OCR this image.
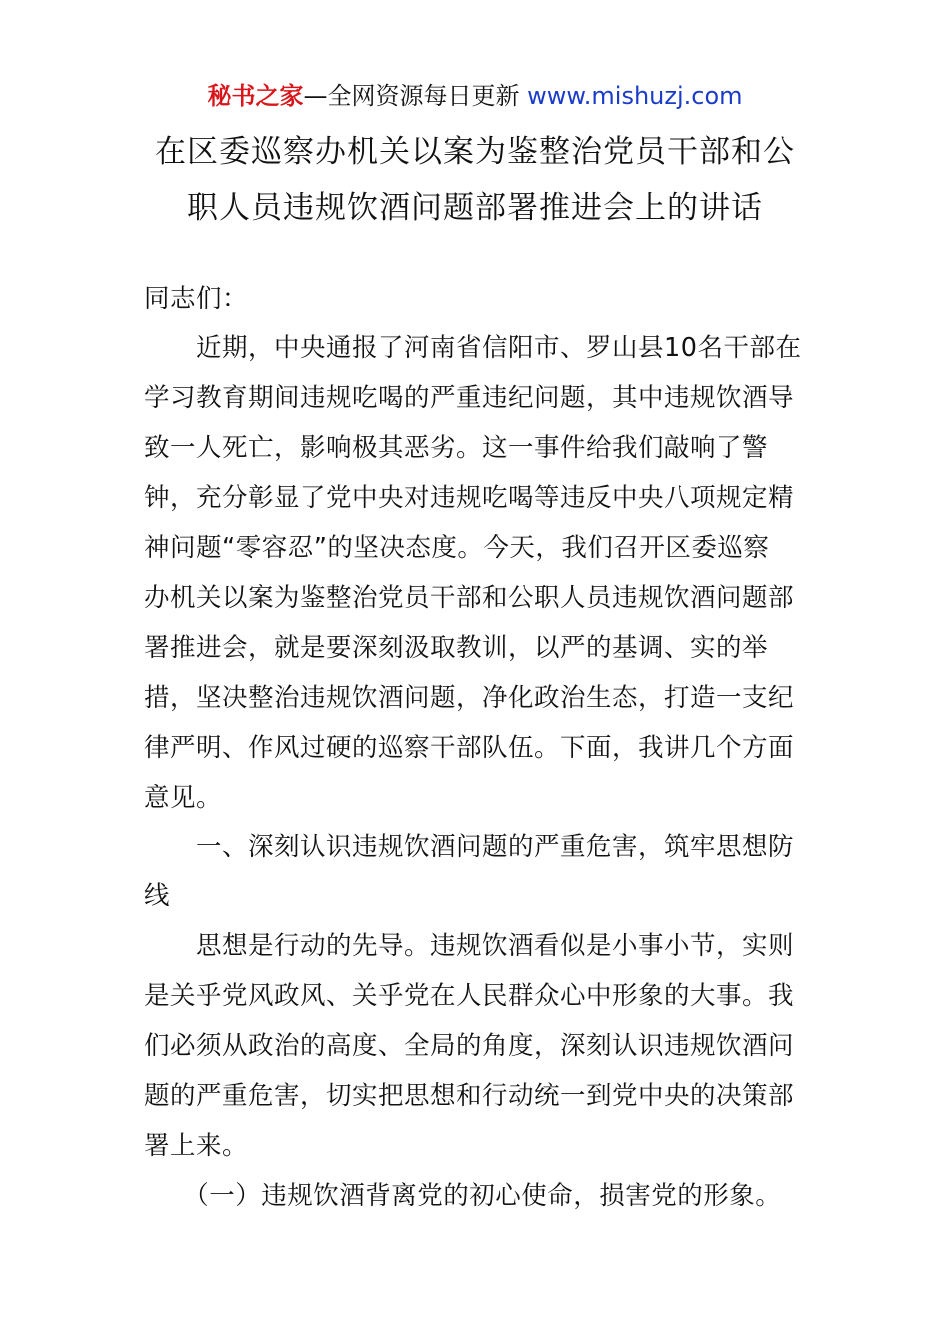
秘书之家—全网资源每日更新 www.mishuzj.com
在区委巡察办机关以案为鉴整治党员干部和公
职人员违规饮酒问题部署推进会上的讲话
同志们：
　　近期，中央通报了河南省信阳市、罗山县10名干部在
学习教育期间违规吃喝的严重违纪问题，其中违规饮酒导
致一人死亡，影响极其恶劣。这一事件给我们敲响了警
钟，充分彰显了党中央对违规吃喝等违反中央八项规定精
神问题“零容忍”的坚决态度。今天，我们召开区委巡察
办机关以案为鉴整治党员干部和公职人员违规饮酒问题部
署推进会，就是要深刻汲取教训，以严的基调、实的举
措，坚决整治违规饮酒问题，净化政治生态，打造一支纪
律严明、作风过硬的巡察干部队伍。下面，我讲几个方面
意见。
　　一、深刻认识违规饮酒问题的严重危害，筑牢思想防
线
　　思想是行动的先导。违规饮酒看似是小事小节，实则
是关乎党风政风、关乎党在人民群众心中形象的大事。我
们必须从政治的高度、全局的角度，深刻认识违规饮酒问
题的严重危害，切实把思想和行动统一到党中央的决策部
署上来。
　　（一）违规饮酒背离党的初心使命，损害党的形象。
